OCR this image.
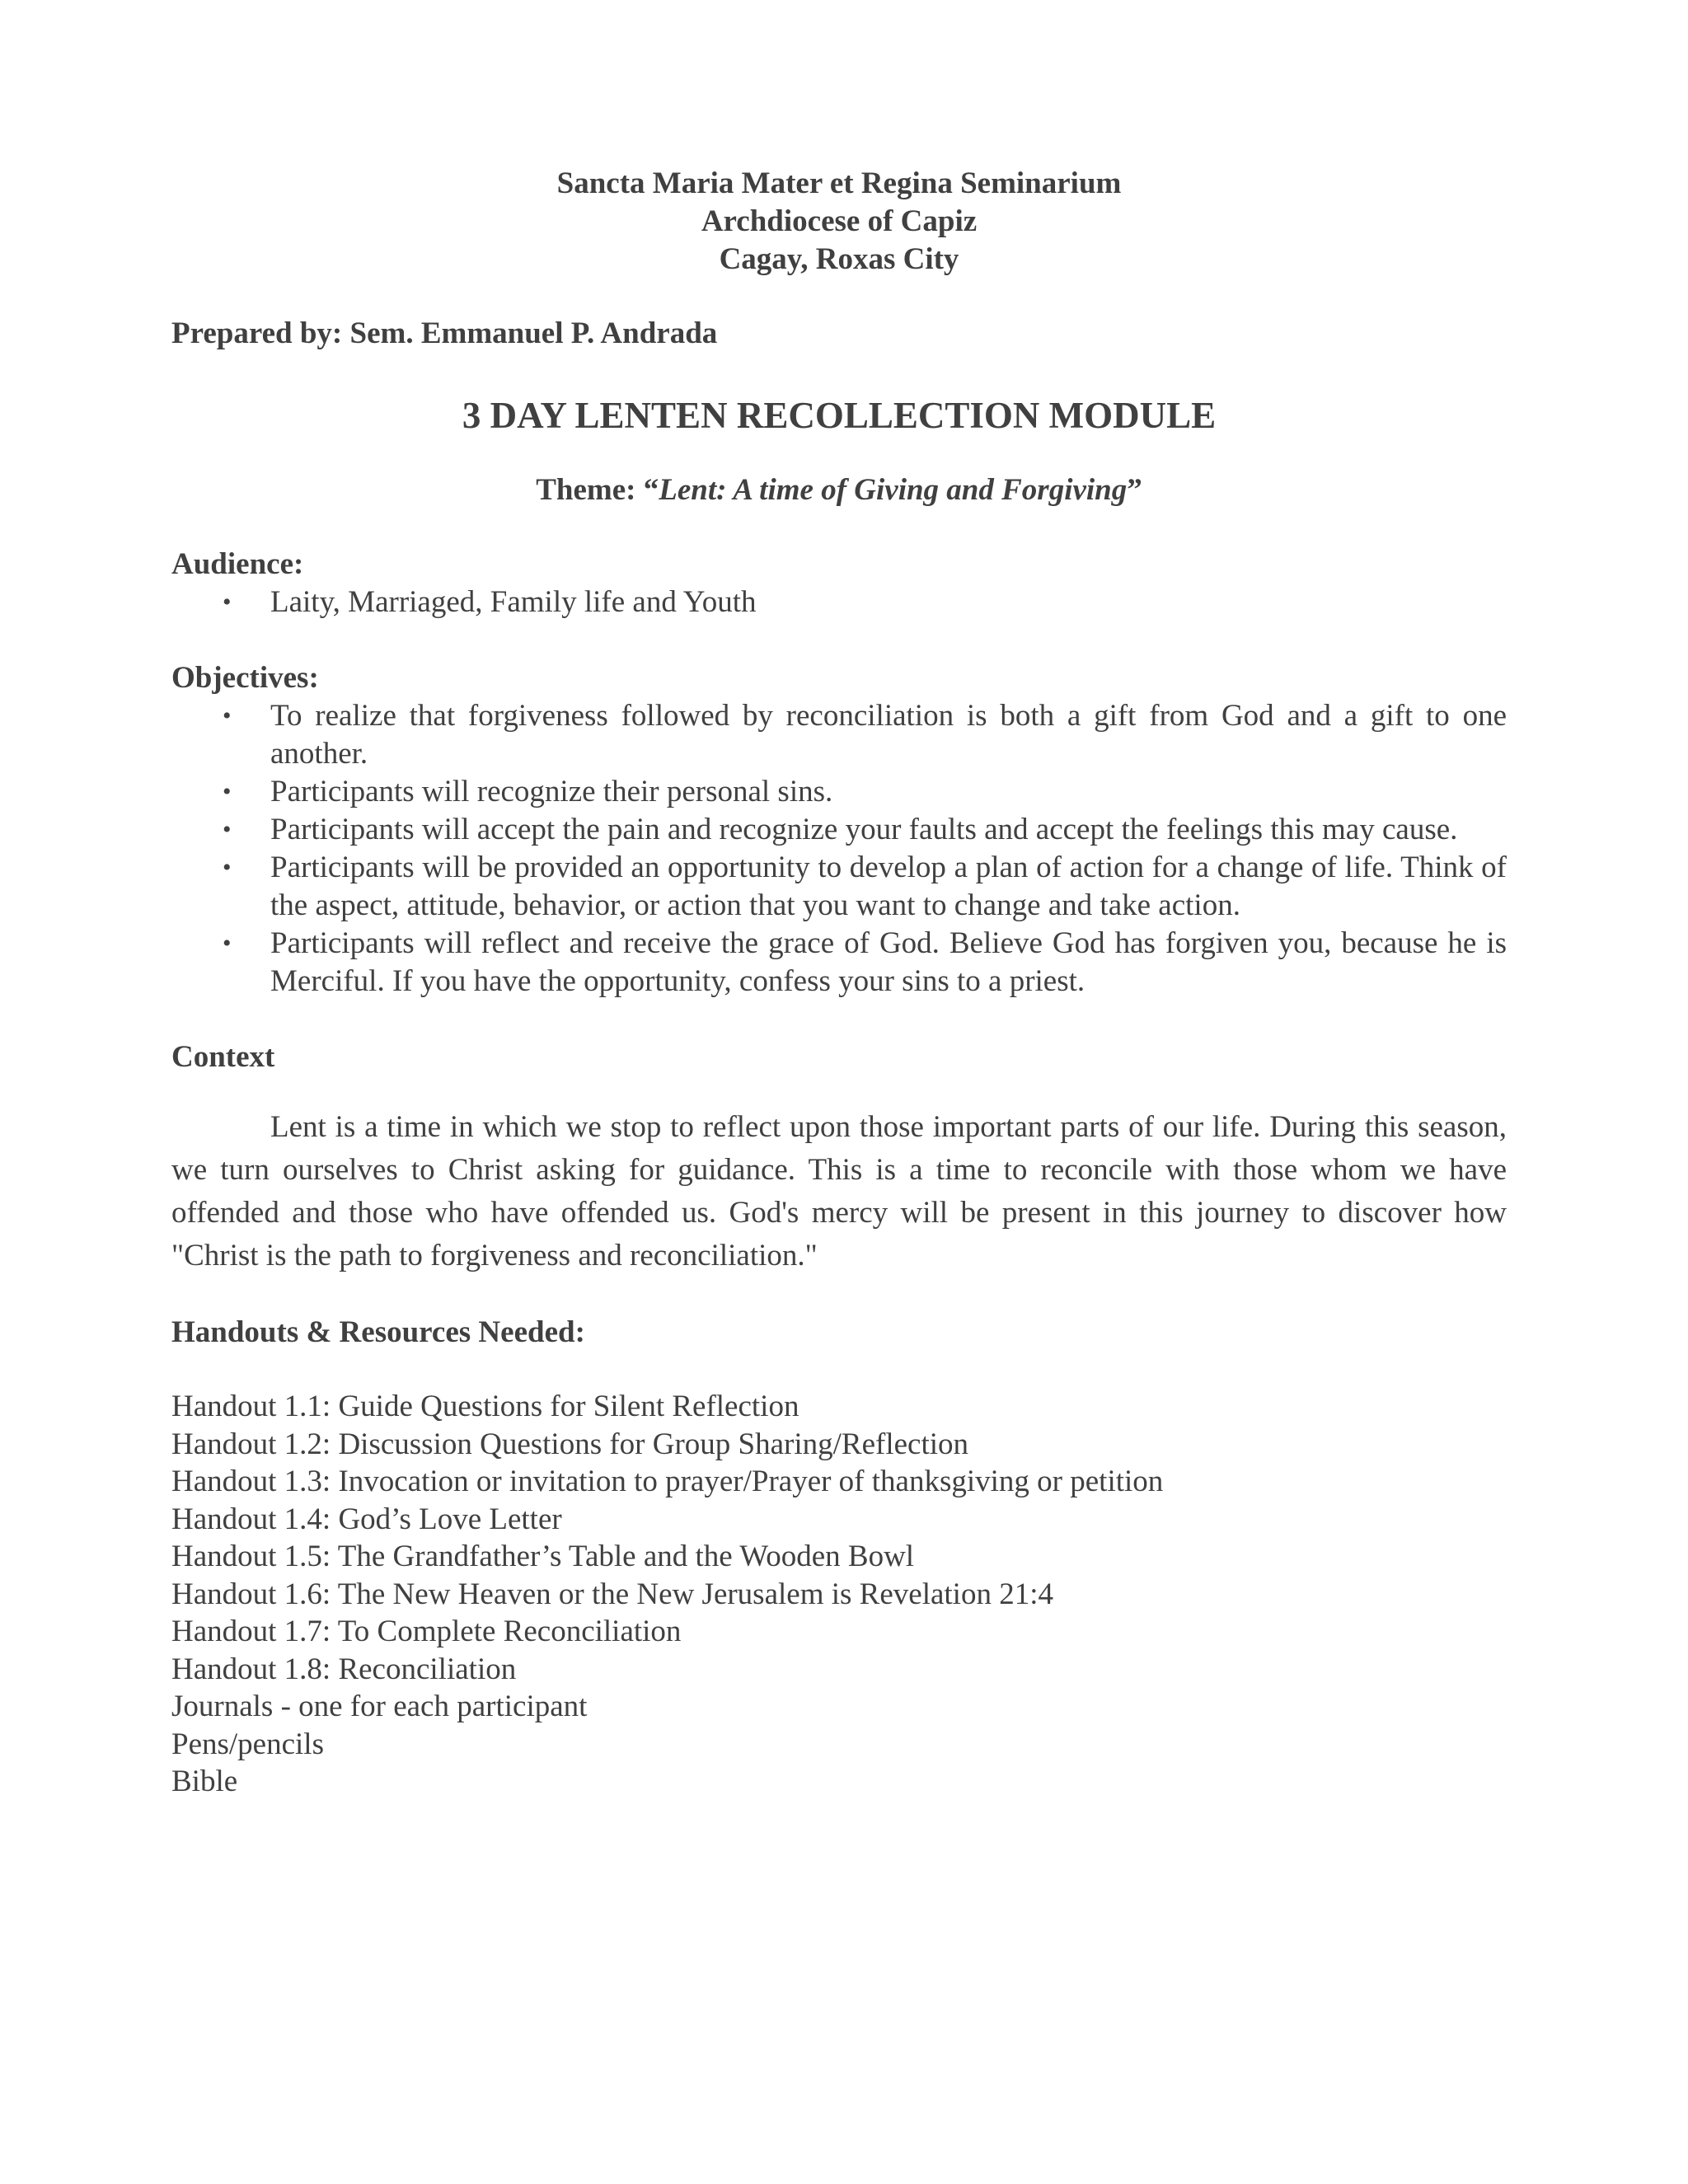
Sancta Maria Mater et Regina Seminarium
Archdiocese of Capiz
Cagay, Roxas City
Prepared by: Sem. Emmanuel P. Andrada
3 DAY LENTEN RECOLLECTION MODULE
Theme: “Lent: A time of Giving and Forgiving”
Audience:
• Laity, Marriaged, Family life and Youth
Objectives:
• To realize that forgiveness followed by reconciliation is both a gift from God and a gift to one another.
• Participants will recognize their personal sins.
• Participants will accept the pain and recognize your faults and accept the feelings this may cause.
• Participants will be provided an opportunity to develop a plan of action for a change of life. Think of the aspect, attitude, behavior, or action that you want to change and take action.
• Participants will reflect and receive the grace of God. Believe God has forgiven you, because he is Merciful. If you have the opportunity, confess your sins to a priest.
Context
Lent is a time in which we stop to reflect upon those important parts of our life. During this season, we turn ourselves to Christ asking for guidance. This is a time to reconcile with those whom we have offended and those who have offended us. God's mercy will be present in this journey to discover how "Christ is the path to forgiveness and reconciliation."
Handouts & Resources Needed:
Handout 1.1: Guide Questions for Silent Reflection
Handout 1.2: Discussion Questions for Group Sharing/Reflection
Handout 1.3: Invocation or invitation to prayer/Prayer of thanksgiving or petition
Handout 1.4: God’s Love Letter
Handout 1.5: The Grandfather’s Table and the Wooden Bowl
Handout 1.6: The New Heaven or the New Jerusalem is Revelation 21:4
Handout 1.7: To Complete Reconciliation
Handout 1.8: Reconciliation
Journals - one for each participant
Pens/pencils
Bible
